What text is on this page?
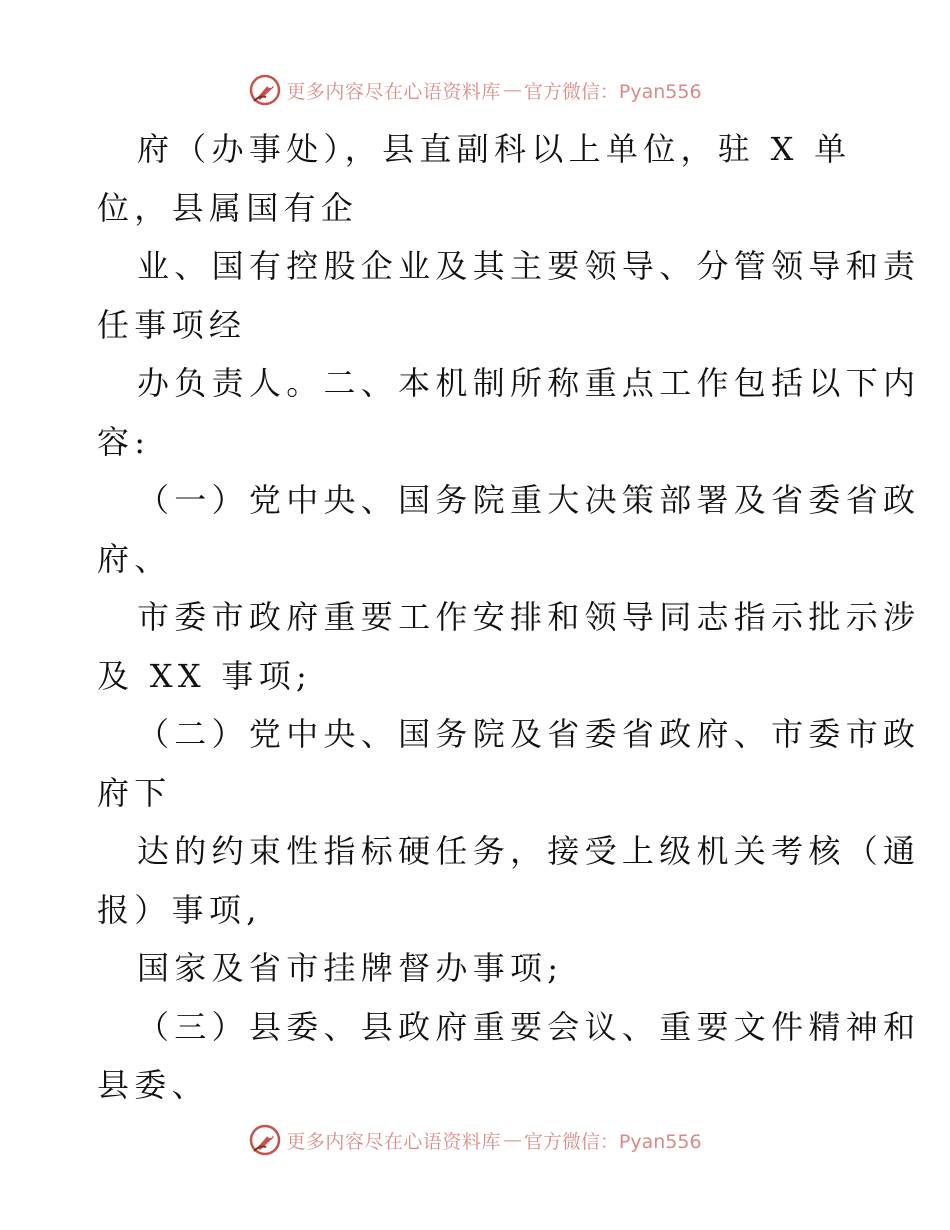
更多内容尽在心语资料库 — 官方微信：Pyan556
府（办事处），县直副科以上单位，驻 X 单
位，县属国有企
业、国有控股企业及其主要领导、分管领导和责
任事项经
办负责人。二、本机制所称重点工作包括以下内
容:
（一）党中央、国务院重大决策部署及省委省政
府、
市委市政府重要工作安排和领导同志指示批示涉
及 XX 事项;
（二）党中央、国务院及省委省政府、市委市政
府下
达的约束性指标硬任务，接受上级机关考核（通
报）事项,
国家及省市挂牌督办事项;
（三）县委、县政府重要会议、重要文件精神和
县委、
更多内容尽在心语资料库 — 官方微信：Pyan556
